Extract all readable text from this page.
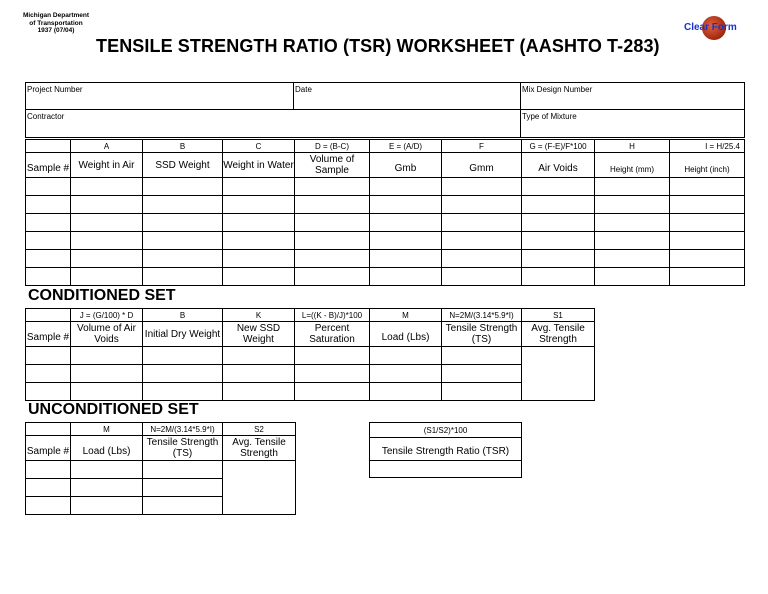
Michigan Department
of Transportation
1937 (07/04)
TENSILE STRENGTH RATIO (TSR) WORKSHEET (AASHTO T-283)
Clear Form
Project Number	Date	Mix Design Number
Contractor		Type of Mixture
	A	B	C	D = (B-C)	E = (A/D)	F	G = (F-E)/F*100	H	I = H/25.4
Sample #	Weight in Air	SSD Weight	Weight in Water	Volume of Sample	Gmb	Gmm	Air Voids	Height (mm)	Height (inch)

CONDITIONED SET
	J = (G/100) * D	B	K	L=((K - B)/J)*100	M	N=2M/(3.14*5.9*I)	S1
Sample #	Volume of Air Voids	Initial Dry Weight	New SSD Weight	Percent Saturation	Load (Lbs)	Tensile Strength (TS)	Avg. Tensile Strength

UNCONDITIONED SET
	M	N=2M/(3.14*5.9*I)	S2
Sample #	Load (Lbs)	Tensile Strength (TS)	Avg. Tensile Strength

(S1/S2)*100
Tensile Strength Ratio (TSR)
